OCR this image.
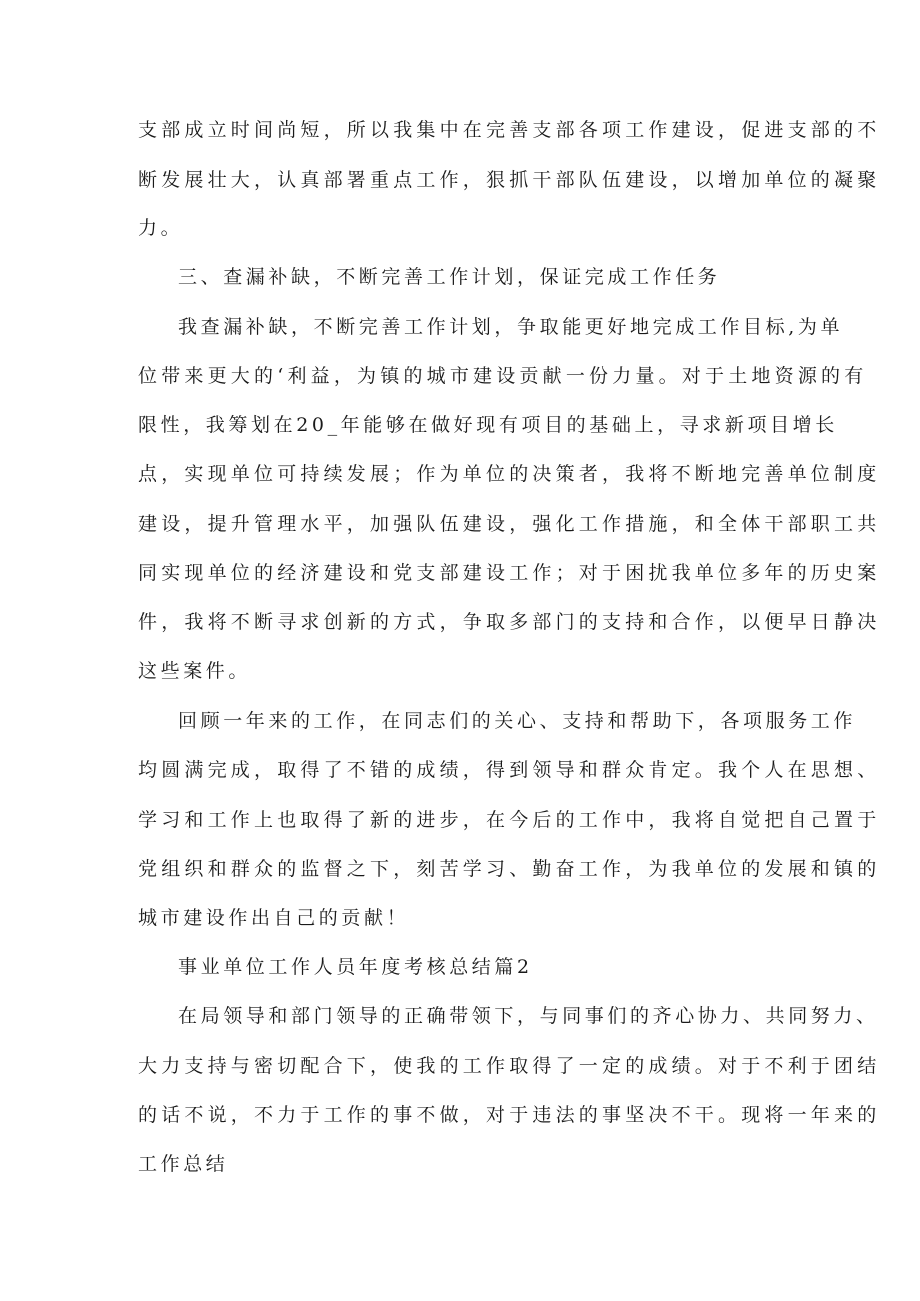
支部成立时间尚短，所以我集中在完善支部各项工作建设，促进支部的不
断发展壮大，认真部署重点工作，狠抓干部队伍建设，以增加单位的凝聚
力。
三、查漏补缺，不断完善工作计划，保证完成工作任务
我查漏补缺，不断完善工作计划，争取能更好地完成工作目标,为单
位带来更大的‘利益，为镇的城市建设贡献一份力量。对于土地资源的有
限性，我筹划在20_年能够在做好现有项目的基础上，寻求新项目增长
点，实现单位可持续发展；作为单位的决策者，我将不断地完善单位制度
建设，提升管理水平，加强队伍建设，强化工作措施，和全体干部职工共
同实现单位的经济建设和党支部建设工作；对于困扰我单位多年的历史案
件，我将不断寻求创新的方式，争取多部门的支持和合作，以便早日静决
这些案件。
回顾一年来的工作，在同志们的关心、支持和帮助下，各项服务工作
均圆满完成，取得了不错的成绩，得到领导和群众肯定。我个人在思想、
学习和工作上也取得了新的进步，在今后的工作中，我将自觉把自己置于
党组织和群众的监督之下，刻苦学习、勤奋工作，为我单位的发展和镇的
城市建设作出自己的贡献！
事业单位工作人员年度考核总结篇2
在局领导和部门领导的正确带领下，与同事们的齐心协力、共同努力、
大力支持与密切配合下，使我的工作取得了一定的成绩。对于不利于团结
的话不说，不力于工作的事不做，对于违法的事坚决不干。现将一年来的
工作总结
